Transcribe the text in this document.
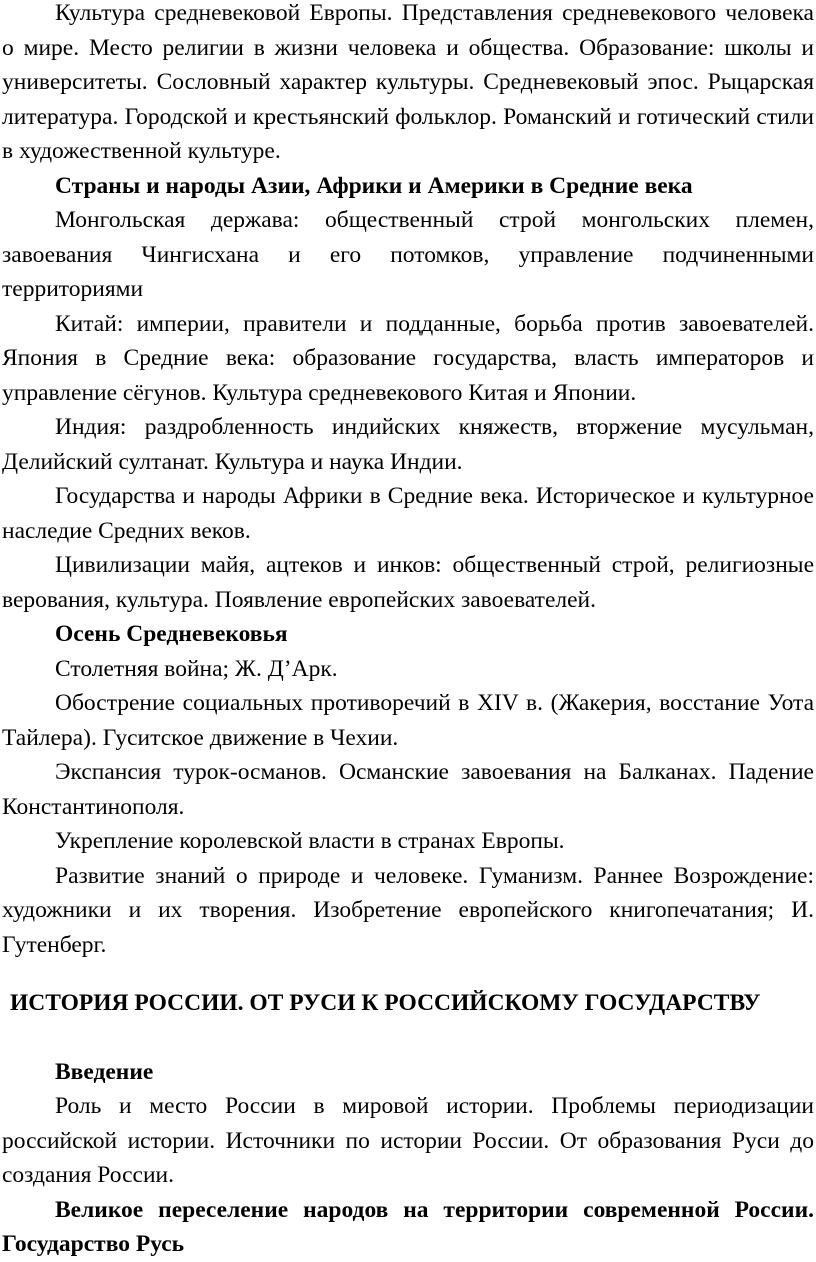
Культура средневековой Европы. Представления средневекового человека о мире. Место религии в жизни человека и общества. Образование: школы и университеты. Сословный характер культуры. Средневековый эпос. Рыцарская литература. Городской и крестьянский фольклор. Романский и готический стили в художественной культуре.

Страны и народы Азии, Африки и Америки в Средние века

Монгольская держава: общественный строй монгольских племен, завоевания Чингисхана и его потомков, управление подчиненными территориями

Китай: империи, правители и подданные, борьба против завоевателей. Япония в Средние века: образование государства, власть императоров и управление сёгунов. Культура средневекового Китая и Японии.

Индия: раздробленность индийских княжеств, вторжение мусульман, Делийский султанат. Культура и наука Индии.

Государства и народы Африки в Средние века. Историческое и культурное наследие Средних веков.

Цивилизации майя, ацтеков и инков: общественный строй, религиозные верования, культура. Появление европейских завоевателей.

Осень Средневековья

Столетняя война; Ж. Д’Арк.

Обострение социальных противоречий в XIV в. (Жакерия, восстание Уота Тайлера). Гуситское движение в Чехии.

Экспансия турок-османов. Османские завоевания на Балканах. Падение Константинополя.

Укрепление королевской власти в странах Европы.

Развитие знаний о природе и человеке. Гуманизм. Раннее Возрождение: художники и их творения. Изобретение европейского книгопечатания; И. Гутенберг.

ИСТОРИЯ РОССИИ. ОТ РУСИ К РОССИЙСКОМУ ГОСУДАРСТВУ

Введение

Роль и место России в мировой истории. Проблемы периодизации российской истории. Источники по истории России. От образования Руси до создания России.

Великое переселение народов на территории современной России. Государство Русь
